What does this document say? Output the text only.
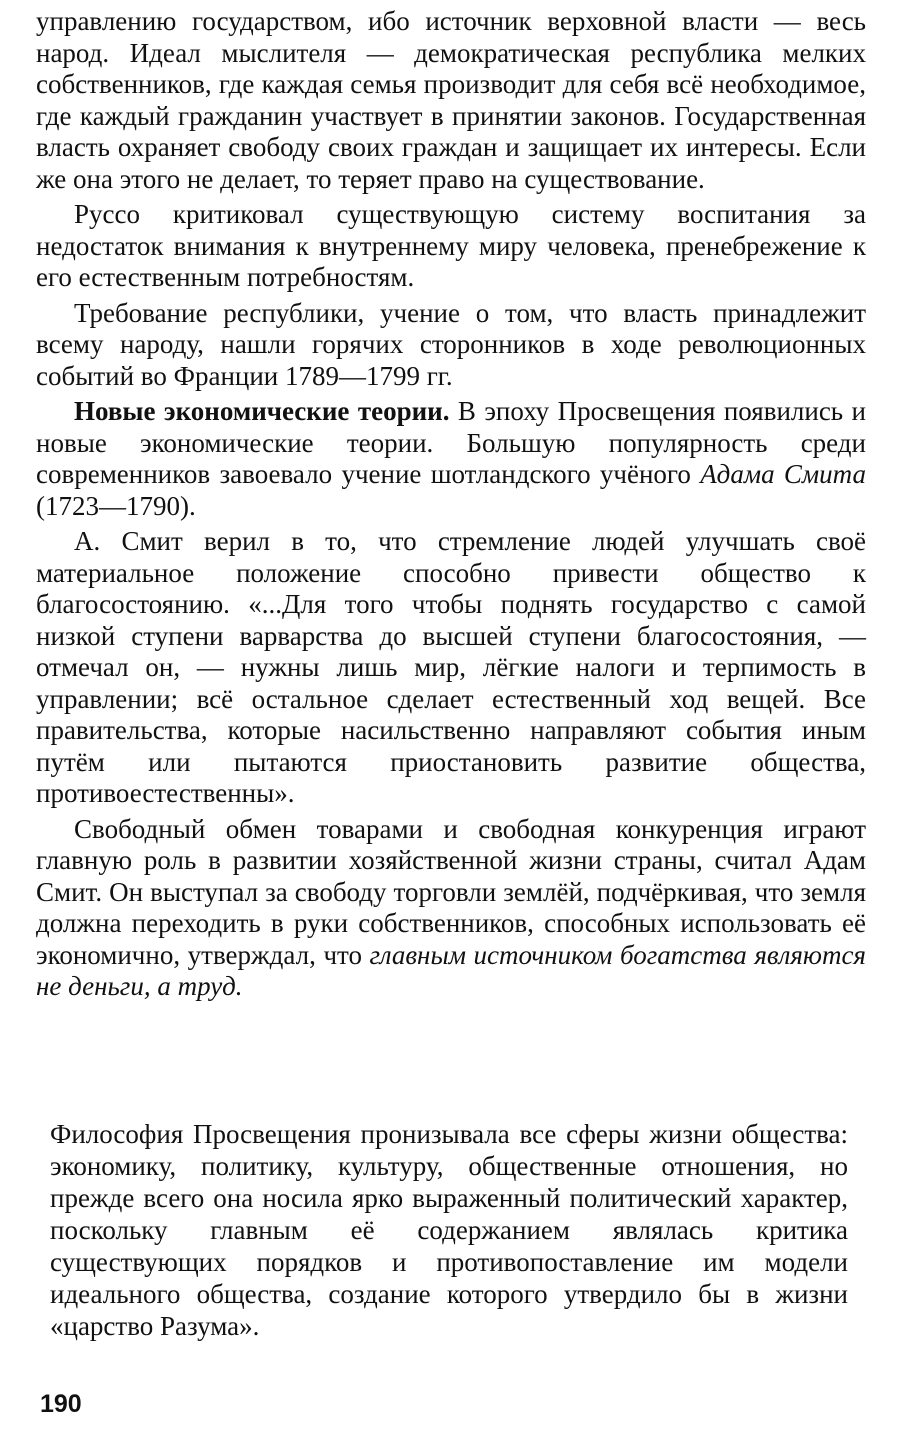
управлению государством, ибо источник верховной власти — весь народ. Идеал мыслителя — демократическая республика мелких собственников, где каждая семья производит для себя всё необходимое, где каждый гражданин участвует в принятии законов. Государственная власть охраняет свободу своих граждан и защищает их интересы. Если же она этого не делает, то теряет право на существование.

Руссо критиковал существующую систему воспитания за недостаток внимания к внутреннему миру человека, пренебрежение к его естественным потребностям.

Требование республики, учение о том, что власть принадлежит всему народу, нашли горячих сторонников в ходе революционных событий во Франции 1789—1799 гг.

Новые экономические теории. В эпоху Просвещения появились и новые экономические теории. Большую популярность среди современников завоевало учение шотландского учёного Адама Смита (1723—1790).

А. Смит верил в то, что стремление людей улучшать своё материальное положение способно привести общество к благосостоянию. «...Для того чтобы поднять государство с самой низкой ступени варварства до высшей ступени благосостояния, — отмечал он, — нужны лишь мир, лёгкие налоги и терпимость в управлении; всё остальное сделает естественный ход вещей. Все правительства, которые насильственно направляют события иным путём или пытаются приостановить развитие общества, противоестественны».

Свободный обмен товарами и свободная конкуренция играют главную роль в развитии хозяйственной жизни страны, считал Адам Смит. Он выступал за свободу торговли землёй, подчёркивая, что земля должна переходить в руки собственников, способных использовать её экономично, утверждал, что главным источником богатства являются не деньги, а труд.

Философия Просвещения пронизывала все сферы жизни общества: экономику, политику, культуру, общественные отношения, но прежде всего она носила ярко выраженный политический характер, поскольку главным её содержанием являлась критика существующих порядков и противопоставление им модели идеального общества, создание которого утвердило бы в жизни «царство Разума».

190
